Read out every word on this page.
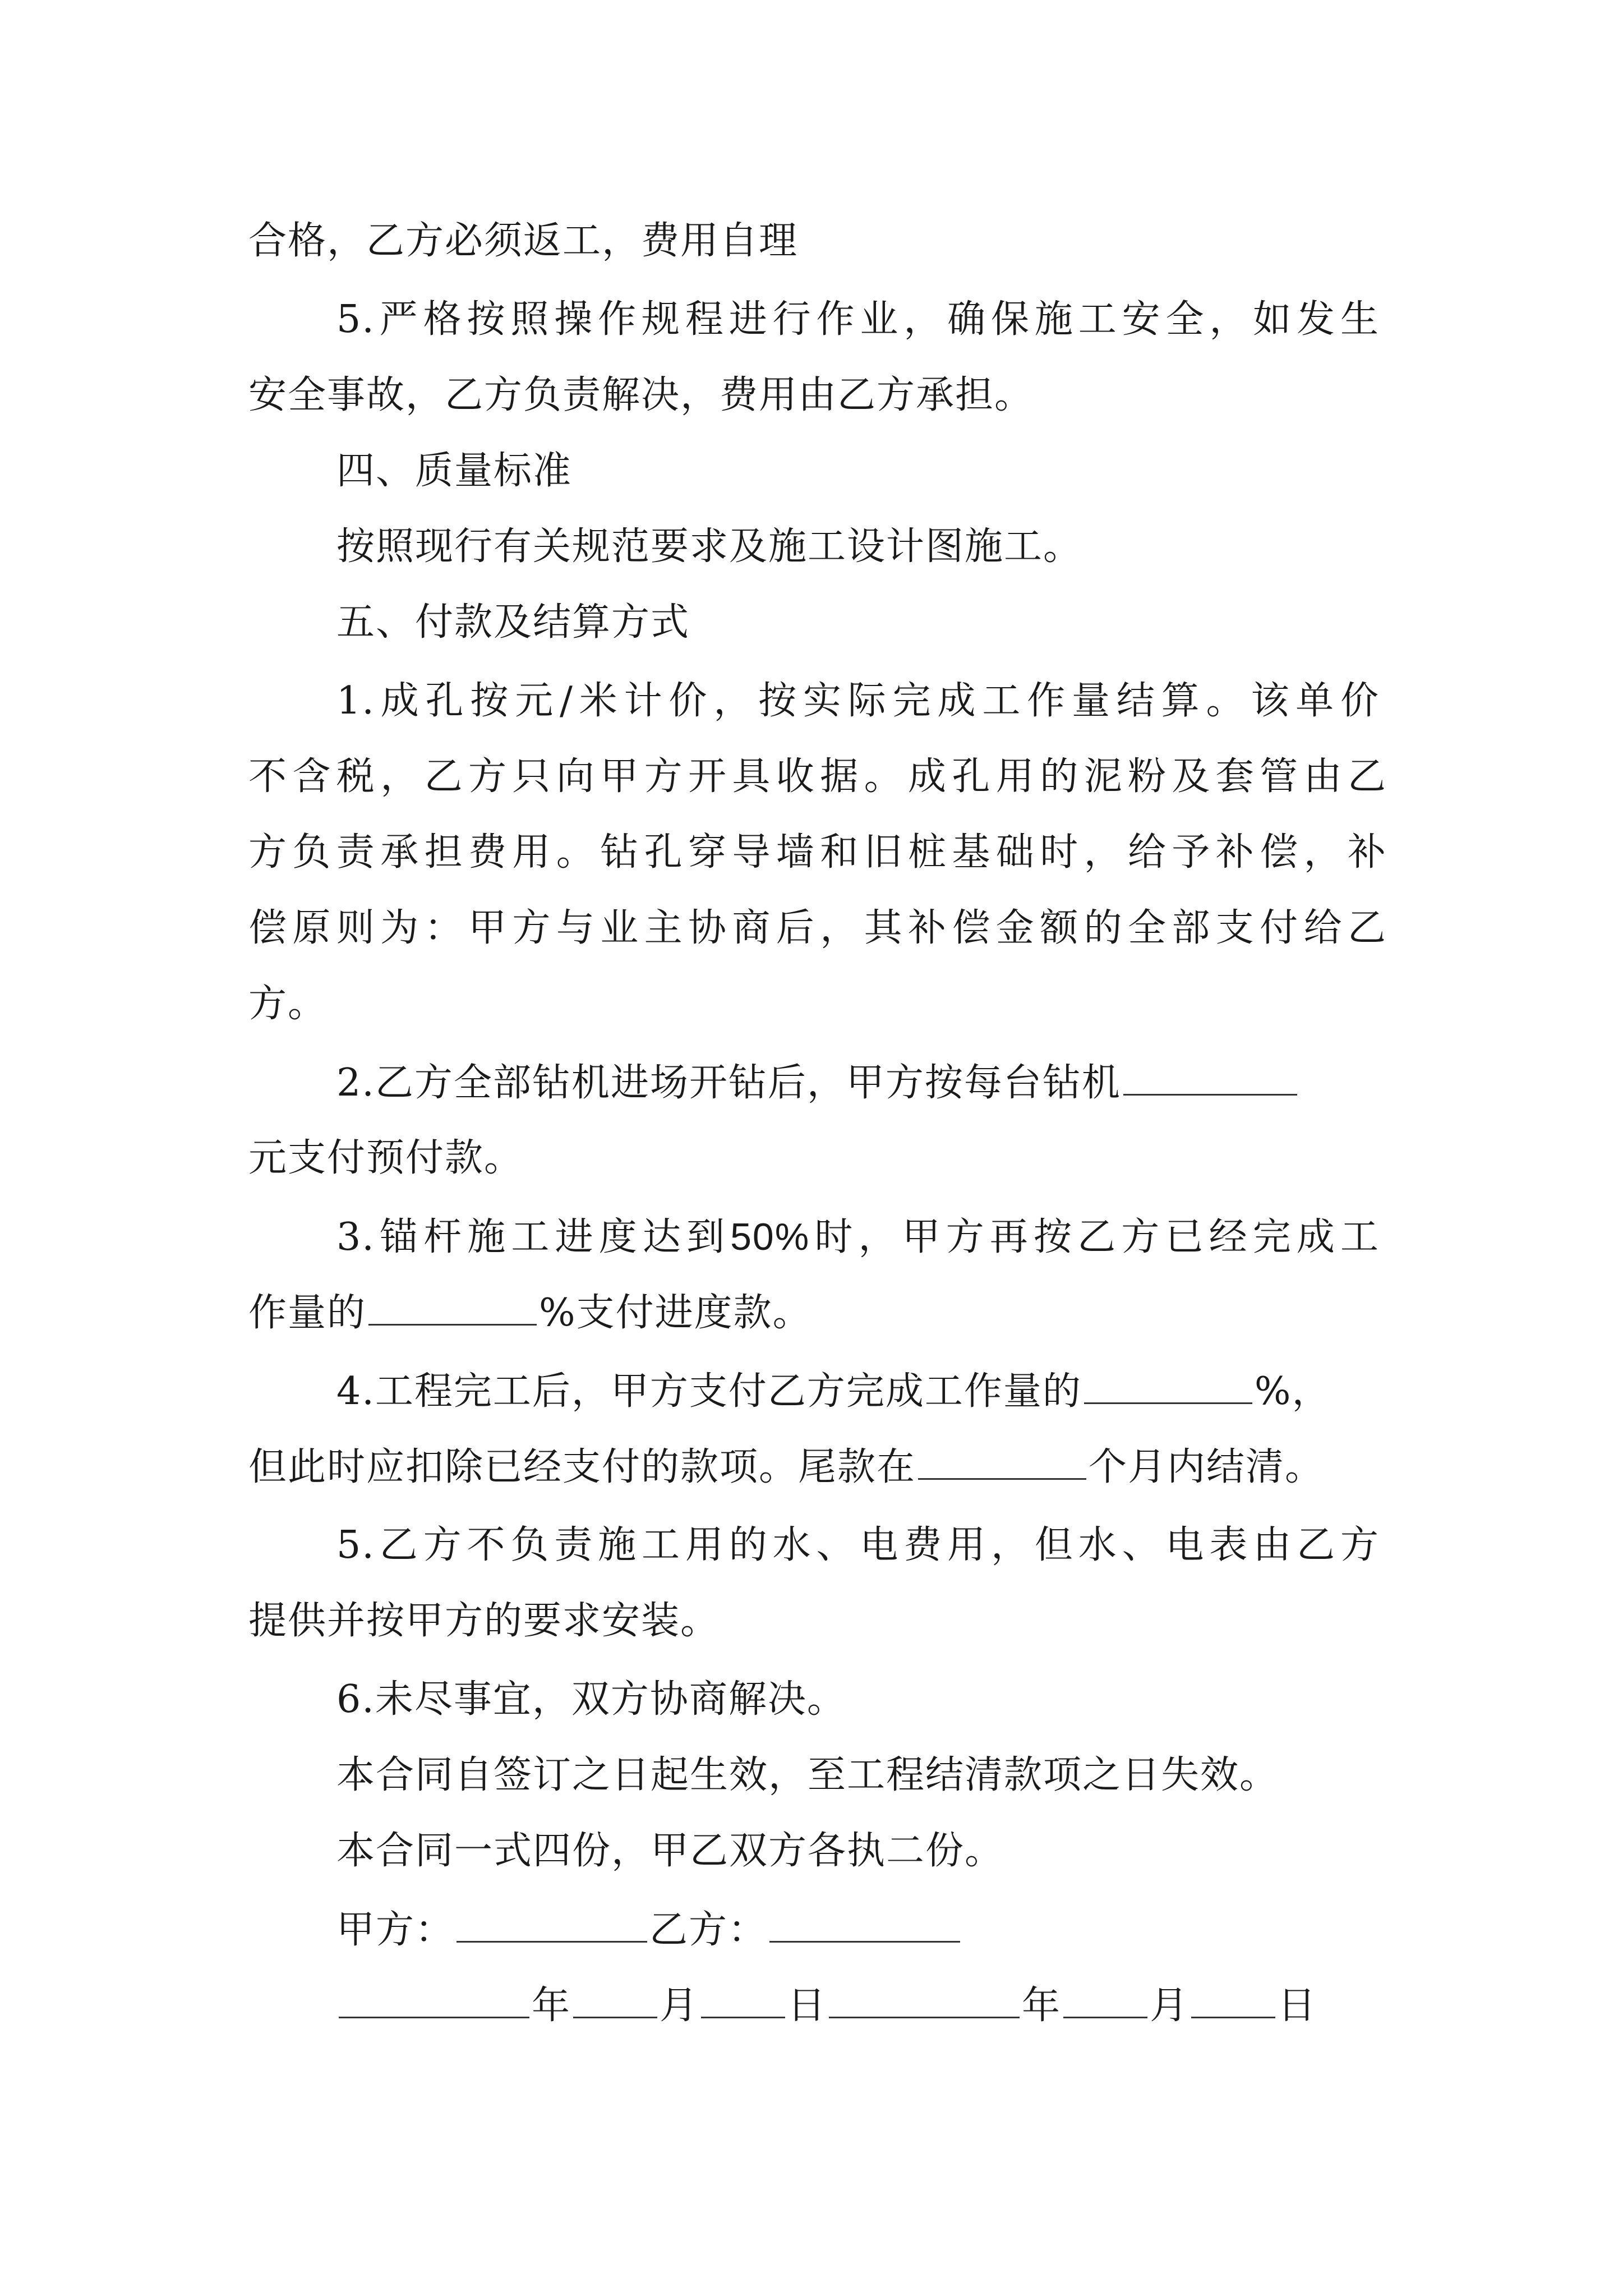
合格，乙方必须返工，费用自理
5.严格按照操作规程进行作业，确保施工安全，如发生
安全事故，乙方负责解决，费用由乙方承担。
四、质量标准
按照现行有关规范要求及施工设计图施工。
五、付款及结算方式
1.成孔按元/米计价，按实际完成工作量结算。该单价
不含税，乙方只向甲方开具收据。成孔用的泥粉及套管由乙
方负责承担费用。钻孔穿导墙和旧桩基础时，给予补偿，补
偿原则为：甲方与业主协商后，其补偿金额的全部支付给乙
方。
2.乙方全部钻机进场开钻后，甲方按每台钻机
元支付预付款。
3.锚杆施工进度达到50%时，甲方再按乙方已经完成工
作量的	%支付进度款。
4.工程完工后，甲方支付乙方完成工作量的	%，
但此时应扣除已经支付的款项。尾款在	个月内结清。
5.乙方不负责施工用的水、电费用，但水、电表由乙方
提供并按甲方的要求安装。
6.未尽事宜，双方协商解决。
本合同自签订之日起生效，至工程结清款项之日失效。
本合同一式四份，甲乙双方各执二份。
甲方：	乙方：
年 月 日	年 月 日
